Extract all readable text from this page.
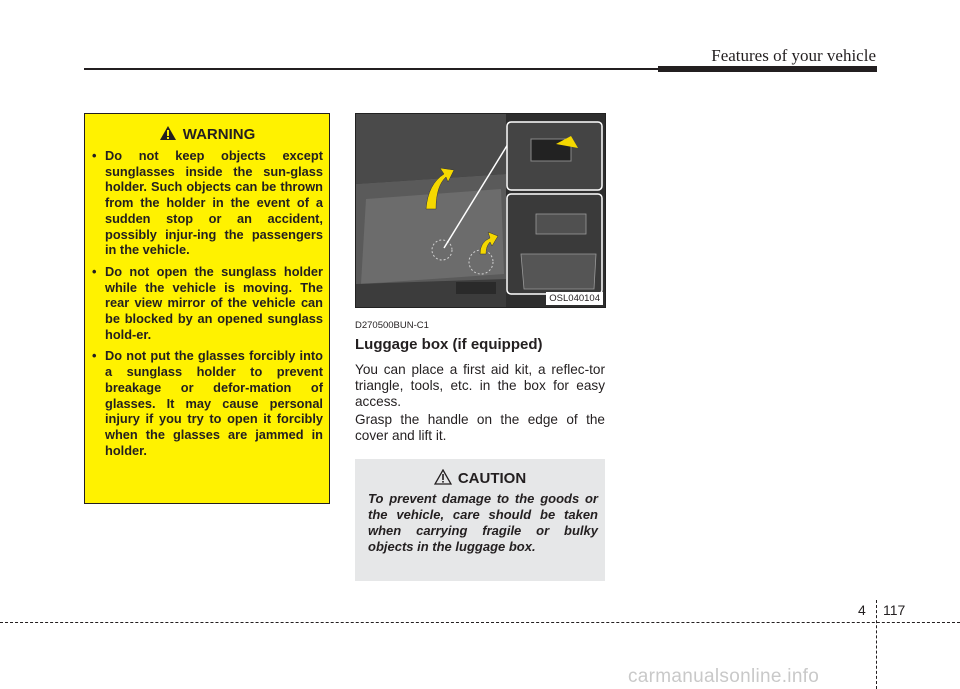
Features of your vehicle
WARNING
• Do not keep objects except sunglasses inside the sun-glass holder. Such objects can be thrown from the holder in the event of a sudden stop or an accident, possibly injur-ing the passengers in the vehicle.
• Do not open the sunglass holder while the vehicle is moving. The rear view mirror of the vehicle can be blocked by an opened sunglass hold-er.
• Do not put the glasses forcibly into a sunglass holder to prevent breakage or defor-mation of glasses. It may cause personal injury if you try to open it forcibly when the glasses are jammed in holder.
OSL040104
D270500BUN-C1
Luggage box (if equipped)
You can place a first aid kit, a reflec-tor triangle, tools, etc. in the box for easy access.
Grasp the handle on the edge of the cover and lift it.
CAUTION
To prevent damage to the goods or the vehicle, care should be taken when carrying fragile or bulky objects in the luggage box.
4 117
carmanualsonline.info
